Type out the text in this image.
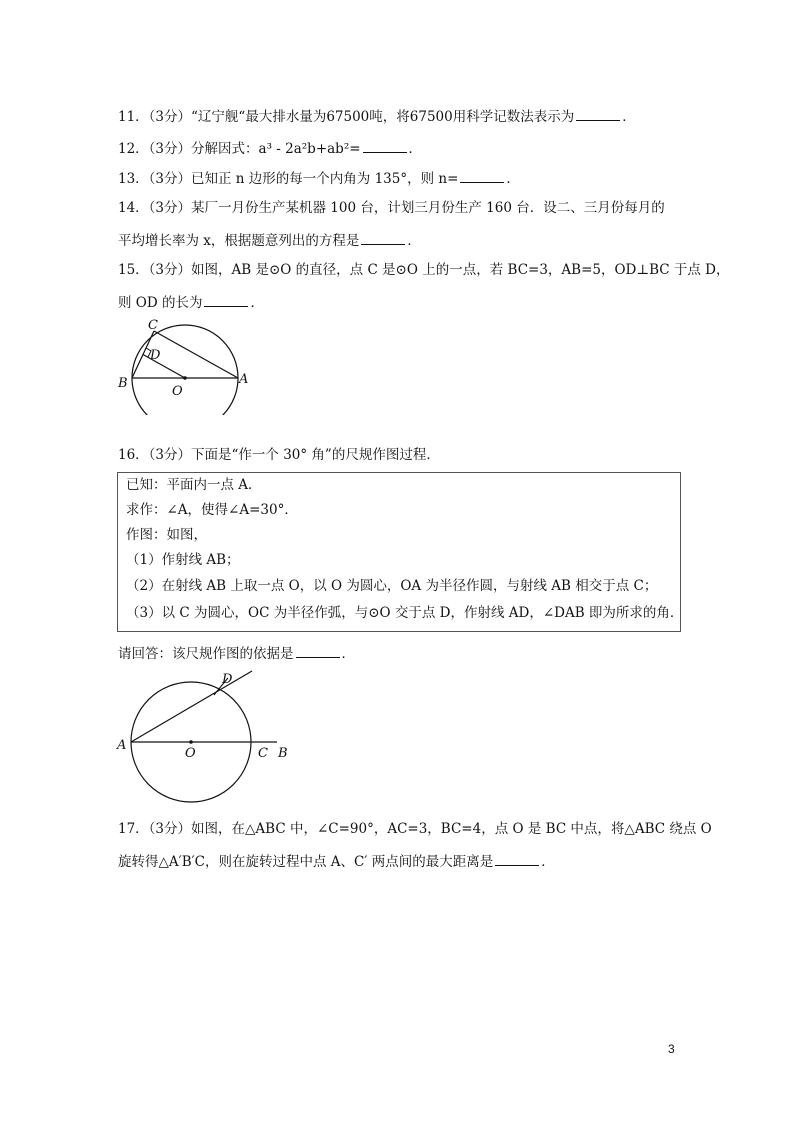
11．（3分）“辽宁舰“最大排水量为67500吨，将67500用科学记数法表示为	．
12．（3分）分解因式：a³ - 2a²b+ab²=	．
13．（3分）已知正 n 边形的每一个内角为 135°，则 n=	．
14．（3分）某厂一月份生产某机器 100 台，计划三月份生产 160 台．设二、三月份每月的
平均增长率为 x，根据题意列出的方程是	．
15．（3分）如图，AB 是⊙O 的直径，点 C 是⊙O 上的一点，若 BC=3，AB=5，OD⊥BC 于点 D，
则 OD 的长为	．
C
D
B
O
A
16．（3分）下面是“作一个 30° 角”的尺规作图过程．
已知：平面内一点 A．
求作：∠A，使得∠A=30°．
作图：如图，
（1）作射线 AB；
（2）在射线 AB 上取一点 O，以 O 为圆心，OA 为半径作圆，与射线 AB 相交于点 C；
（3）以 C 为圆心，OC 为半径作弧，与⊙O 交于点 D，作射线 AD，∠DAB 即为所求的角．
请回答：该尺规作图的依据是	．
D
A
O	C B
17．（3分）如图，在△ABC 中，∠C=90°，AC=3，BC=4，点 O 是 BC 中点，将△ABC 绕点 O
旋转得△A′B′C，则在旋转过程中点 A、C′ 两点间的最大距离是	．
3
